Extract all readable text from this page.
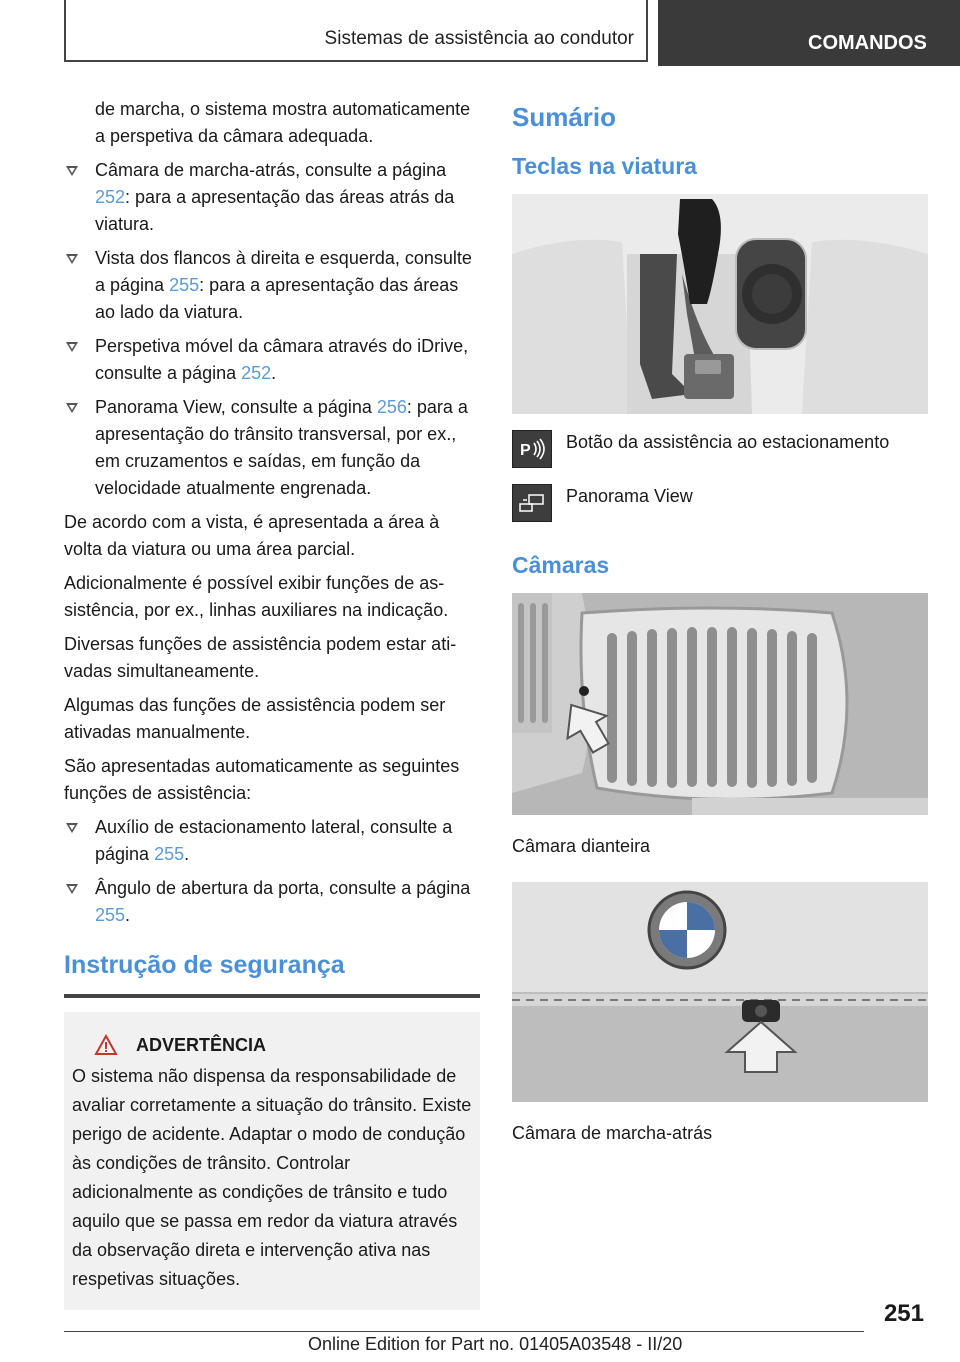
Sistemas de assistência ao condutor	COMANDOS

de marcha, o sistema mostra automaticamente a perspetiva da câmara adequada.

Câmara de marcha-atrás, consulte a página 252: para a apresentação das áreas atrás da viatura.
Vista dos flancos à direita e esquerda, consulte a página 255: para a apresentação das áreas ao lado da viatura.
Perspetiva móvel da câmara através do iDrive, consulte a página 252.
Panorama View, consulte a página 256: para a apresentação do trânsito transversal, por ex., em cruzamentos e saídas, em função da velocidade atualmente engrenada.

De acordo com a vista, é apresentada a área à volta da viatura ou uma área parcial.

Adicionalmente é possível exibir funções de assistência, por ex., linhas auxiliares na indicação.

Diversas funções de assistência podem estar ativadas simultaneamente.

Algumas das funções de assistência podem ser ativadas manualmente.

São apresentadas automaticamente as seguintes funções de assistência:

Auxílio de estacionamento lateral, consulte a página 255.
Ângulo de abertura da porta, consulte a página 255.
Instrução de segurança
ADVERTÊNCIA

O sistema não dispensa da responsabilidade de avaliar corretamente a situação do trânsito. Existe perigo de acidente. Adaptar o modo de condução às condições de trânsito. Controlar adicionalmente as condições de trânsito e tudo aquilo que se passa em redor da viatura através da observação direta e intervenção ativa nas respetivas situações.

Sumário
Teclas na viatura
P Botão da assistência ao estacionamento
Panorama View
Câmaras

Câmara dianteira

Câmara de marcha-atrás

251
Online Edition for Part no. 01405A03548 - II/20
